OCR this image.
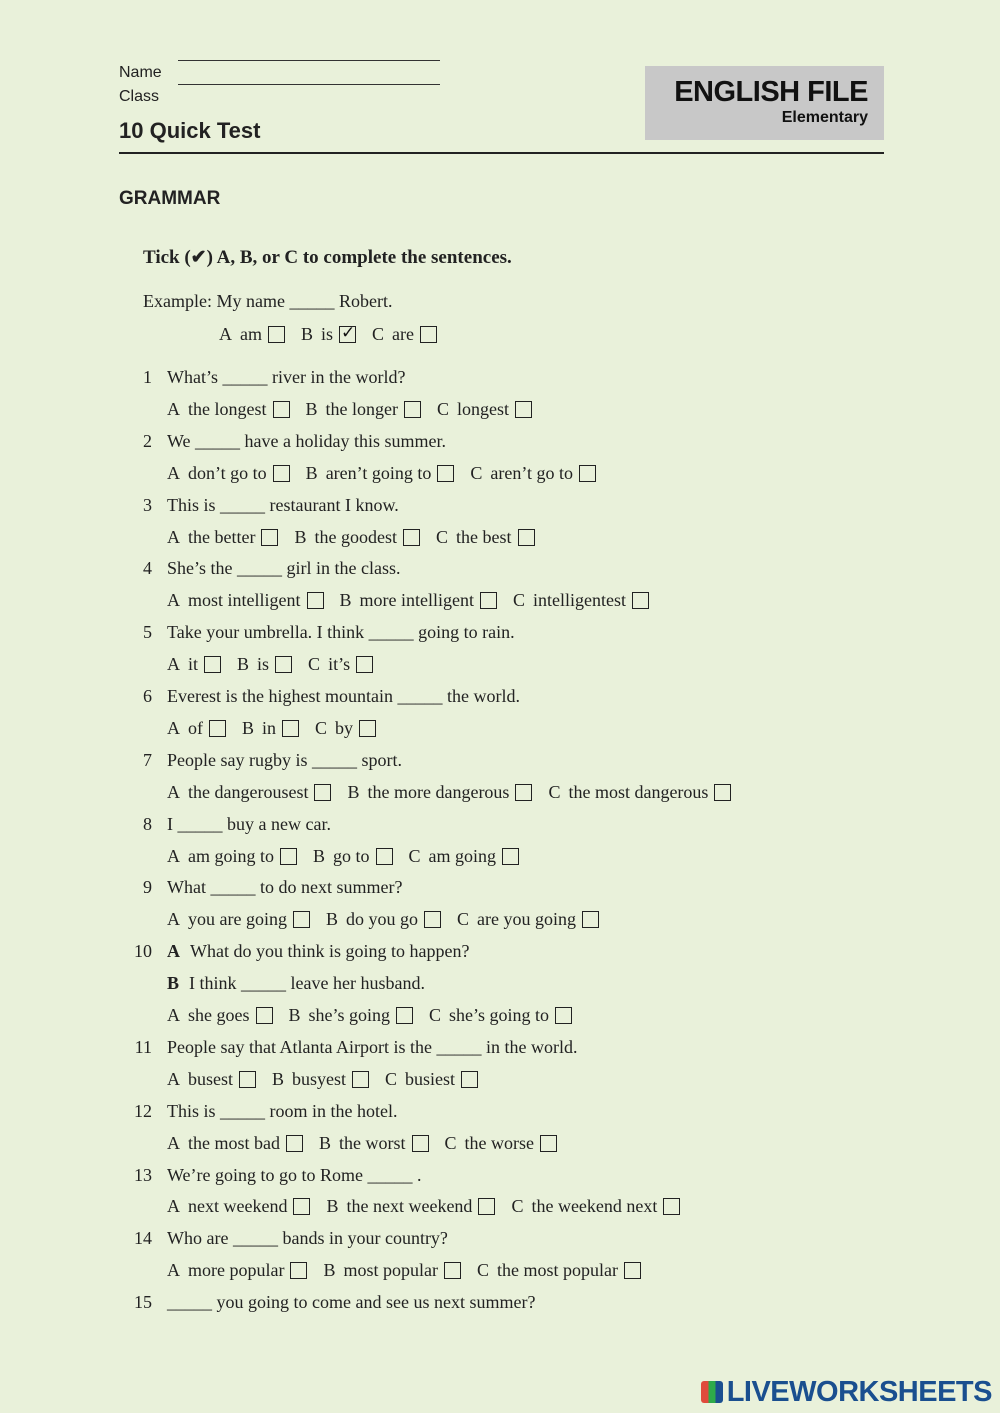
Name
Class
10 Quick Test
ENGLISH FILE
Elementary
GRAMMAR
Tick (✔) A, B, or C to complete the sentences.
Example: My name _____ Robert.
A am B is✓ C are
1 What’s _____ river in the world?
A the longest B the longer C longest
2 We _____ have a holiday this summer.
A don’t go to B aren’t going to C aren’t go to
3 This is _____ restaurant I know.
A the better B the goodest C the best
4 She’s the _____ girl in the class.
A most intelligent B more intelligent C intelligentest
5 Take your umbrella. I think _____ going to rain.
A it B is C it’s
6 Everest is the highest mountain _____ the world.
A of B in C by
7 People say rugby is _____ sport.
A the dangerousest B the more dangerous C the most dangerous
8 I _____ buy a new car.
A am going to B go to C am going
9 What _____ to do next summer?
A you are going B do you go C are you going
10 A What do you think is going to happen?
B I think _____ leave her husband.
A she goes B she’s going C she’s going to
11 People say that Atlanta Airport is the _____ in the world.
A busest B busyest C busiest
12 This is _____ room in the hotel.
A the most bad B the worst C the worse
13 We’re going to go to Rome _____ .
A next weekend B the next weekend C the weekend next
14 Who are _____ bands in your country?
A more popular B most popular C the most popular
15 _____ you going to come and see us next summer?
LIVEWORKSHEETS
